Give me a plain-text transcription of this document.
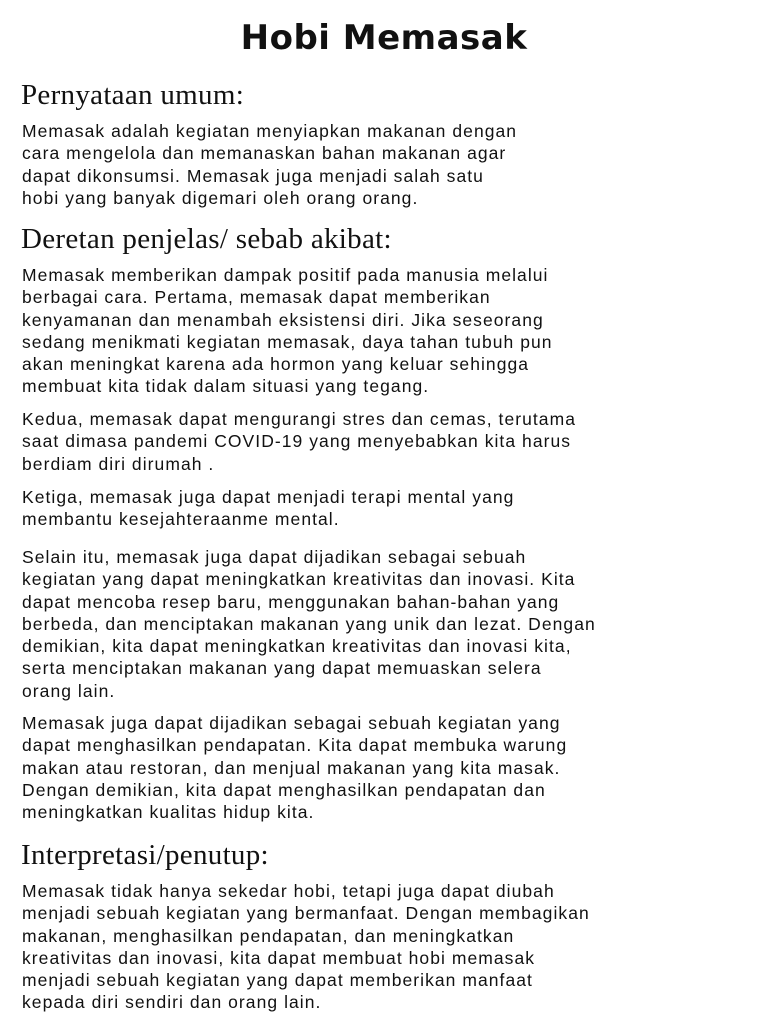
Hobi Memasak
Pernyataan umum:
Memasak adalah kegiatan menyiapkan makanan dengan
cara mengelola dan memanaskan bahan makanan agar
dapat dikonsumsi. Memasak juga menjadi salah satu
hobi yang banyak digemari oleh orang orang.
Deretan penjelas/ sebab akibat:
Memasak memberikan dampak positif pada manusia melalui
berbagai cara. Pertama, memasak dapat memberikan
kenyamanan dan menambah eksistensi diri. Jika seseorang
sedang menikmati kegiatan memasak, daya tahan tubuh pun
akan meningkat karena ada hormon yang keluar sehingga
membuat kita tidak dalam situasi yang tegang.
Kedua, memasak dapat mengurangi stres dan cemas, terutama
saat dimasa pandemi COVID-19 yang menyebabkan kita harus
berdiam diri dirumah .
Ketiga, memasak juga dapat menjadi terapi mental yang
membantu kesejahteraanme mental.
Selain itu, memasak juga dapat dijadikan sebagai sebuah
kegiatan yang dapat meningkatkan kreativitas dan inovasi. Kita
dapat mencoba resep baru, menggunakan bahan-bahan yang
berbeda, dan menciptakan makanan yang unik dan lezat. Dengan
demikian, kita dapat meningkatkan kreativitas dan inovasi kita,
serta menciptakan makanan yang dapat memuaskan selera
orang lain.
Memasak juga dapat dijadikan sebagai sebuah kegiatan yang
dapat menghasilkan pendapatan. Kita dapat membuka warung
makan atau restoran, dan menjual makanan yang kita masak.
Dengan demikian, kita dapat menghasilkan pendapatan dan
meningkatkan kualitas hidup kita.
Interpretasi/penutup:
Memasak tidak hanya sekedar hobi, tetapi juga dapat diubah
menjadi sebuah kegiatan yang bermanfaat. Dengan membagikan
makanan, menghasilkan pendapatan, dan meningkatkan
kreativitas dan inovasi, kita dapat membuat hobi memasak
menjadi sebuah kegiatan yang dapat memberikan manfaat
kepada diri sendiri dan orang lain.
